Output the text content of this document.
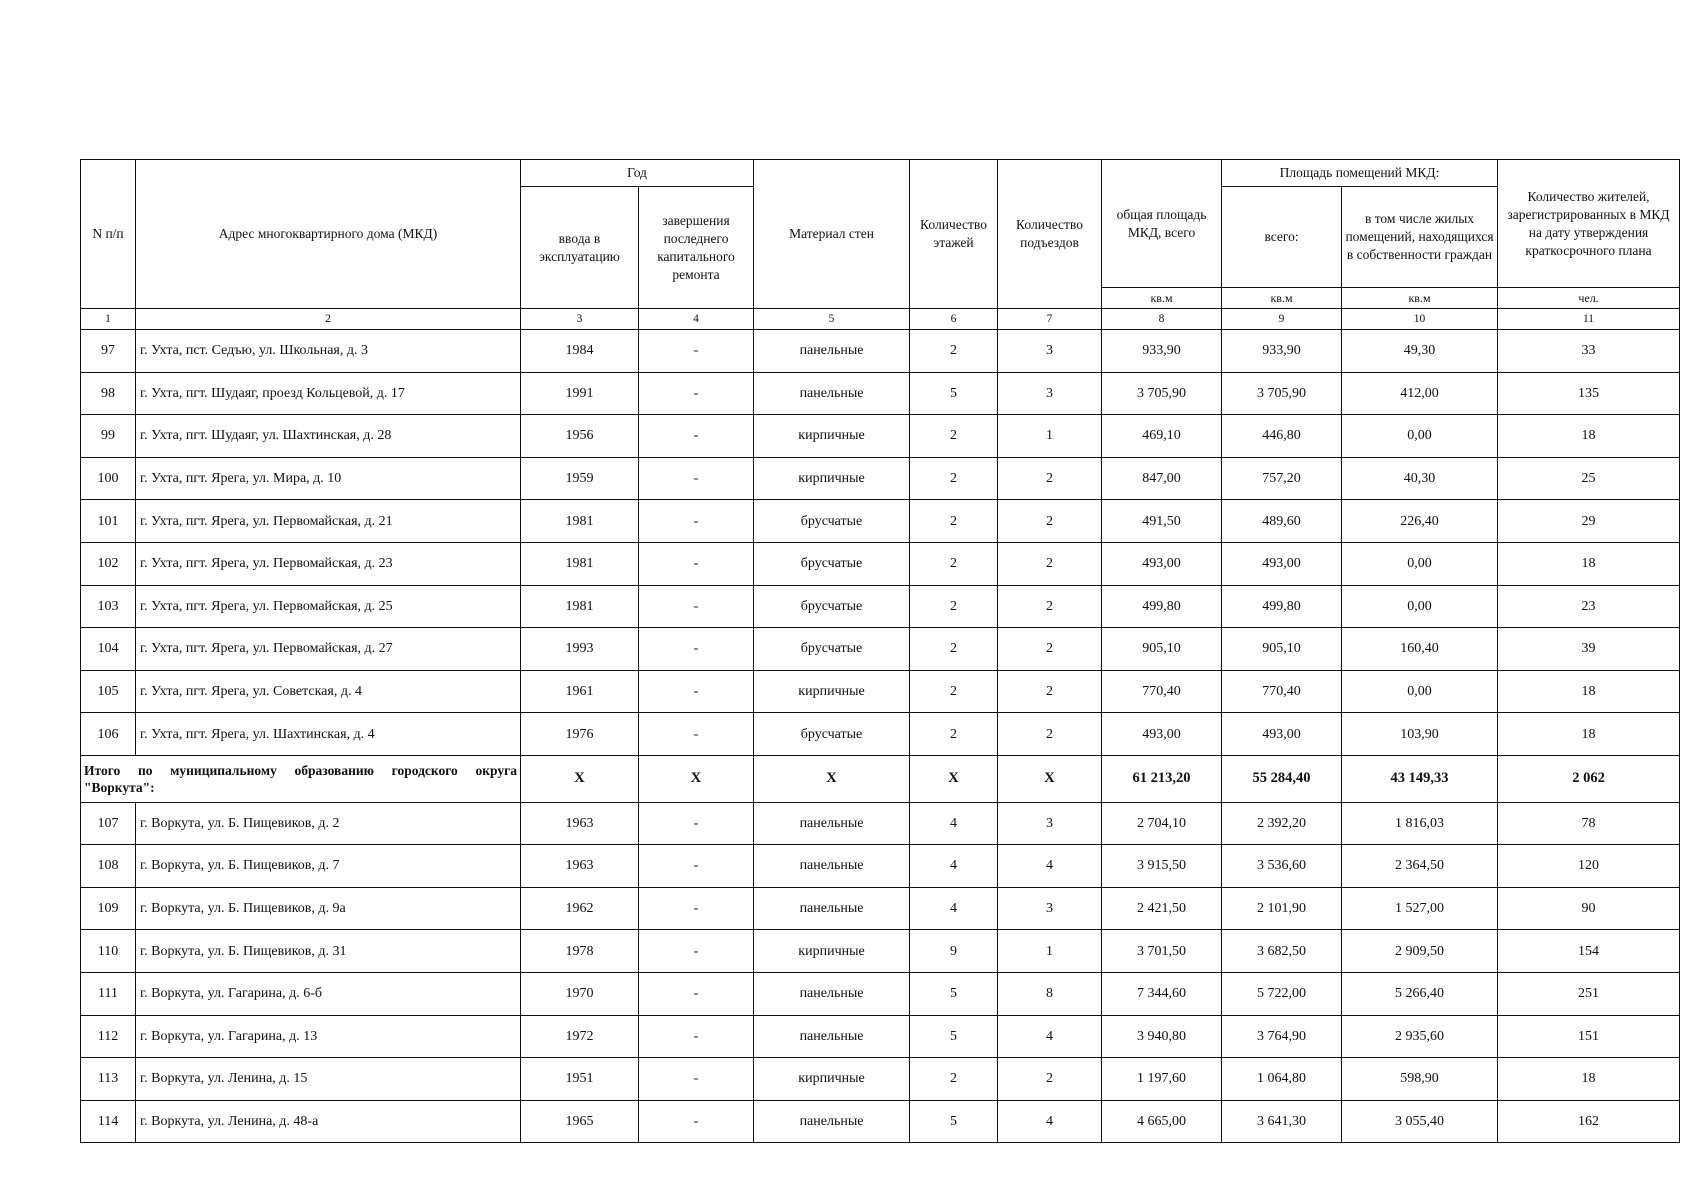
N п/п	Адрес многоквартирного дома (МКД)	Год		Материал стен	Количество этажей	Количество подъездов	общая площадь МКД, всего	Площадь помещений МКД:		Количество жителей, зарегистрированных в МКД на дату утверждения краткосрочного плана
		ввода в эксплуатацию	завершения последнего капитального ремонта					всего:	в том числе жилых помещений, находящихся в собственности граждан	
							кв.м	кв.м	кв.м	чел.
1	2	3	4	5	6	7	8	9	10	11
97	г. Ухта, пст. Седъю, ул. Школьная, д. 3	1984	-	панельные	2	3	933,90	933,90	49,30	33
98	г. Ухта, пгт. Шудаяг, проезд Кольцевой, д. 17	1991	-	панельные	5	3	3 705,90	3 705,90	412,00	135
99	г. Ухта, пгт. Шудаяг, ул. Шахтинская, д. 28	1956	-	кирпичные	2	1	469,10	446,80	0,00	18
100	г. Ухта, пгт. Ярега, ул. Мира, д. 10	1959	-	кирпичные	2	2	847,00	757,20	40,30	25
101	г. Ухта, пгт. Ярега, ул. Первомайская, д. 21	1981	-	брусчатые	2	2	491,50	489,60	226,40	29
102	г. Ухта, пгт. Ярега, ул. Первомайская, д. 23	1981	-	брусчатые	2	2	493,00	493,00	0,00	18
103	г. Ухта, пгт. Ярега, ул. Первомайская, д. 25	1981	-	брусчатые	2	2	499,80	499,80	0,00	23
104	г. Ухта, пгт. Ярега, ул. Первомайская, д. 27	1993	-	брусчатые	2	2	905,10	905,10	160,40	39
105	г. Ухта, пгт. Ярега, ул. Советская, д. 4	1961	-	кирпичные	2	2	770,40	770,40	0,00	18
106	г. Ухта, пгт. Ярега, ул. Шахтинская, д. 4	1976	-	брусчатые	2	2	493,00	493,00	103,90	18
Итого по муниципальному образованию городского округа "Воркута":		X	X	X	X	X	61 213,20	55 284,40	43 149,33	2 062
107	г. Воркута, ул. Б. Пищевиков, д. 2	1963	-	панельные	4	3	2 704,10	2 392,20	1 816,03	78
108	г. Воркута, ул. Б. Пищевиков, д. 7	1963	-	панельные	4	4	3 915,50	3 536,60	2 364,50	120
109	г. Воркута, ул. Б. Пищевиков, д. 9а	1962	-	панельные	4	3	2 421,50	2 101,90	1 527,00	90
110	г. Воркута, ул. Б. Пищевиков, д. 31	1978	-	кирпичные	9	1	3 701,50	3 682,50	2 909,50	154
111	г. Воркута, ул. Гагарина, д. 6-б	1970	-	панельные	5	8	7 344,60	5 722,00	5 266,40	251
112	г. Воркута, ул. Гагарина, д. 13	1972	-	панельные	5	4	3 940,80	3 764,90	2 935,60	151
113	г. Воркута, ул. Ленина, д. 15	1951	-	кирпичные	2	2	1 197,60	1 064,80	598,90	18
114	г. Воркута, ул. Ленина, д. 48-а	1965	-	панельные	5	4	4 665,00	3 641,30	3 055,40	162
